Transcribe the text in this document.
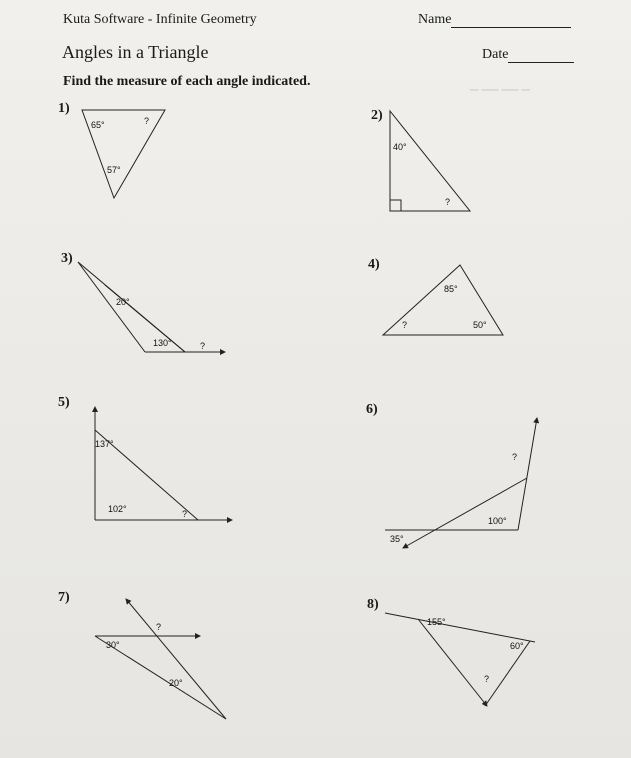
▁ ▁▁ ▁▁ ▁
Kuta Software - Infinite Geometry	Name
Angles in a Triangle	Date
Find the measure of each angle indicated.
1)	2)
3)	4)
5)	6)
7)	8)
65°	?
57°
40°
?
20°
130°	?
85°
?	50°
137°
102°	?
?
100°
35°
?
30°
20°
155°
60°
?
